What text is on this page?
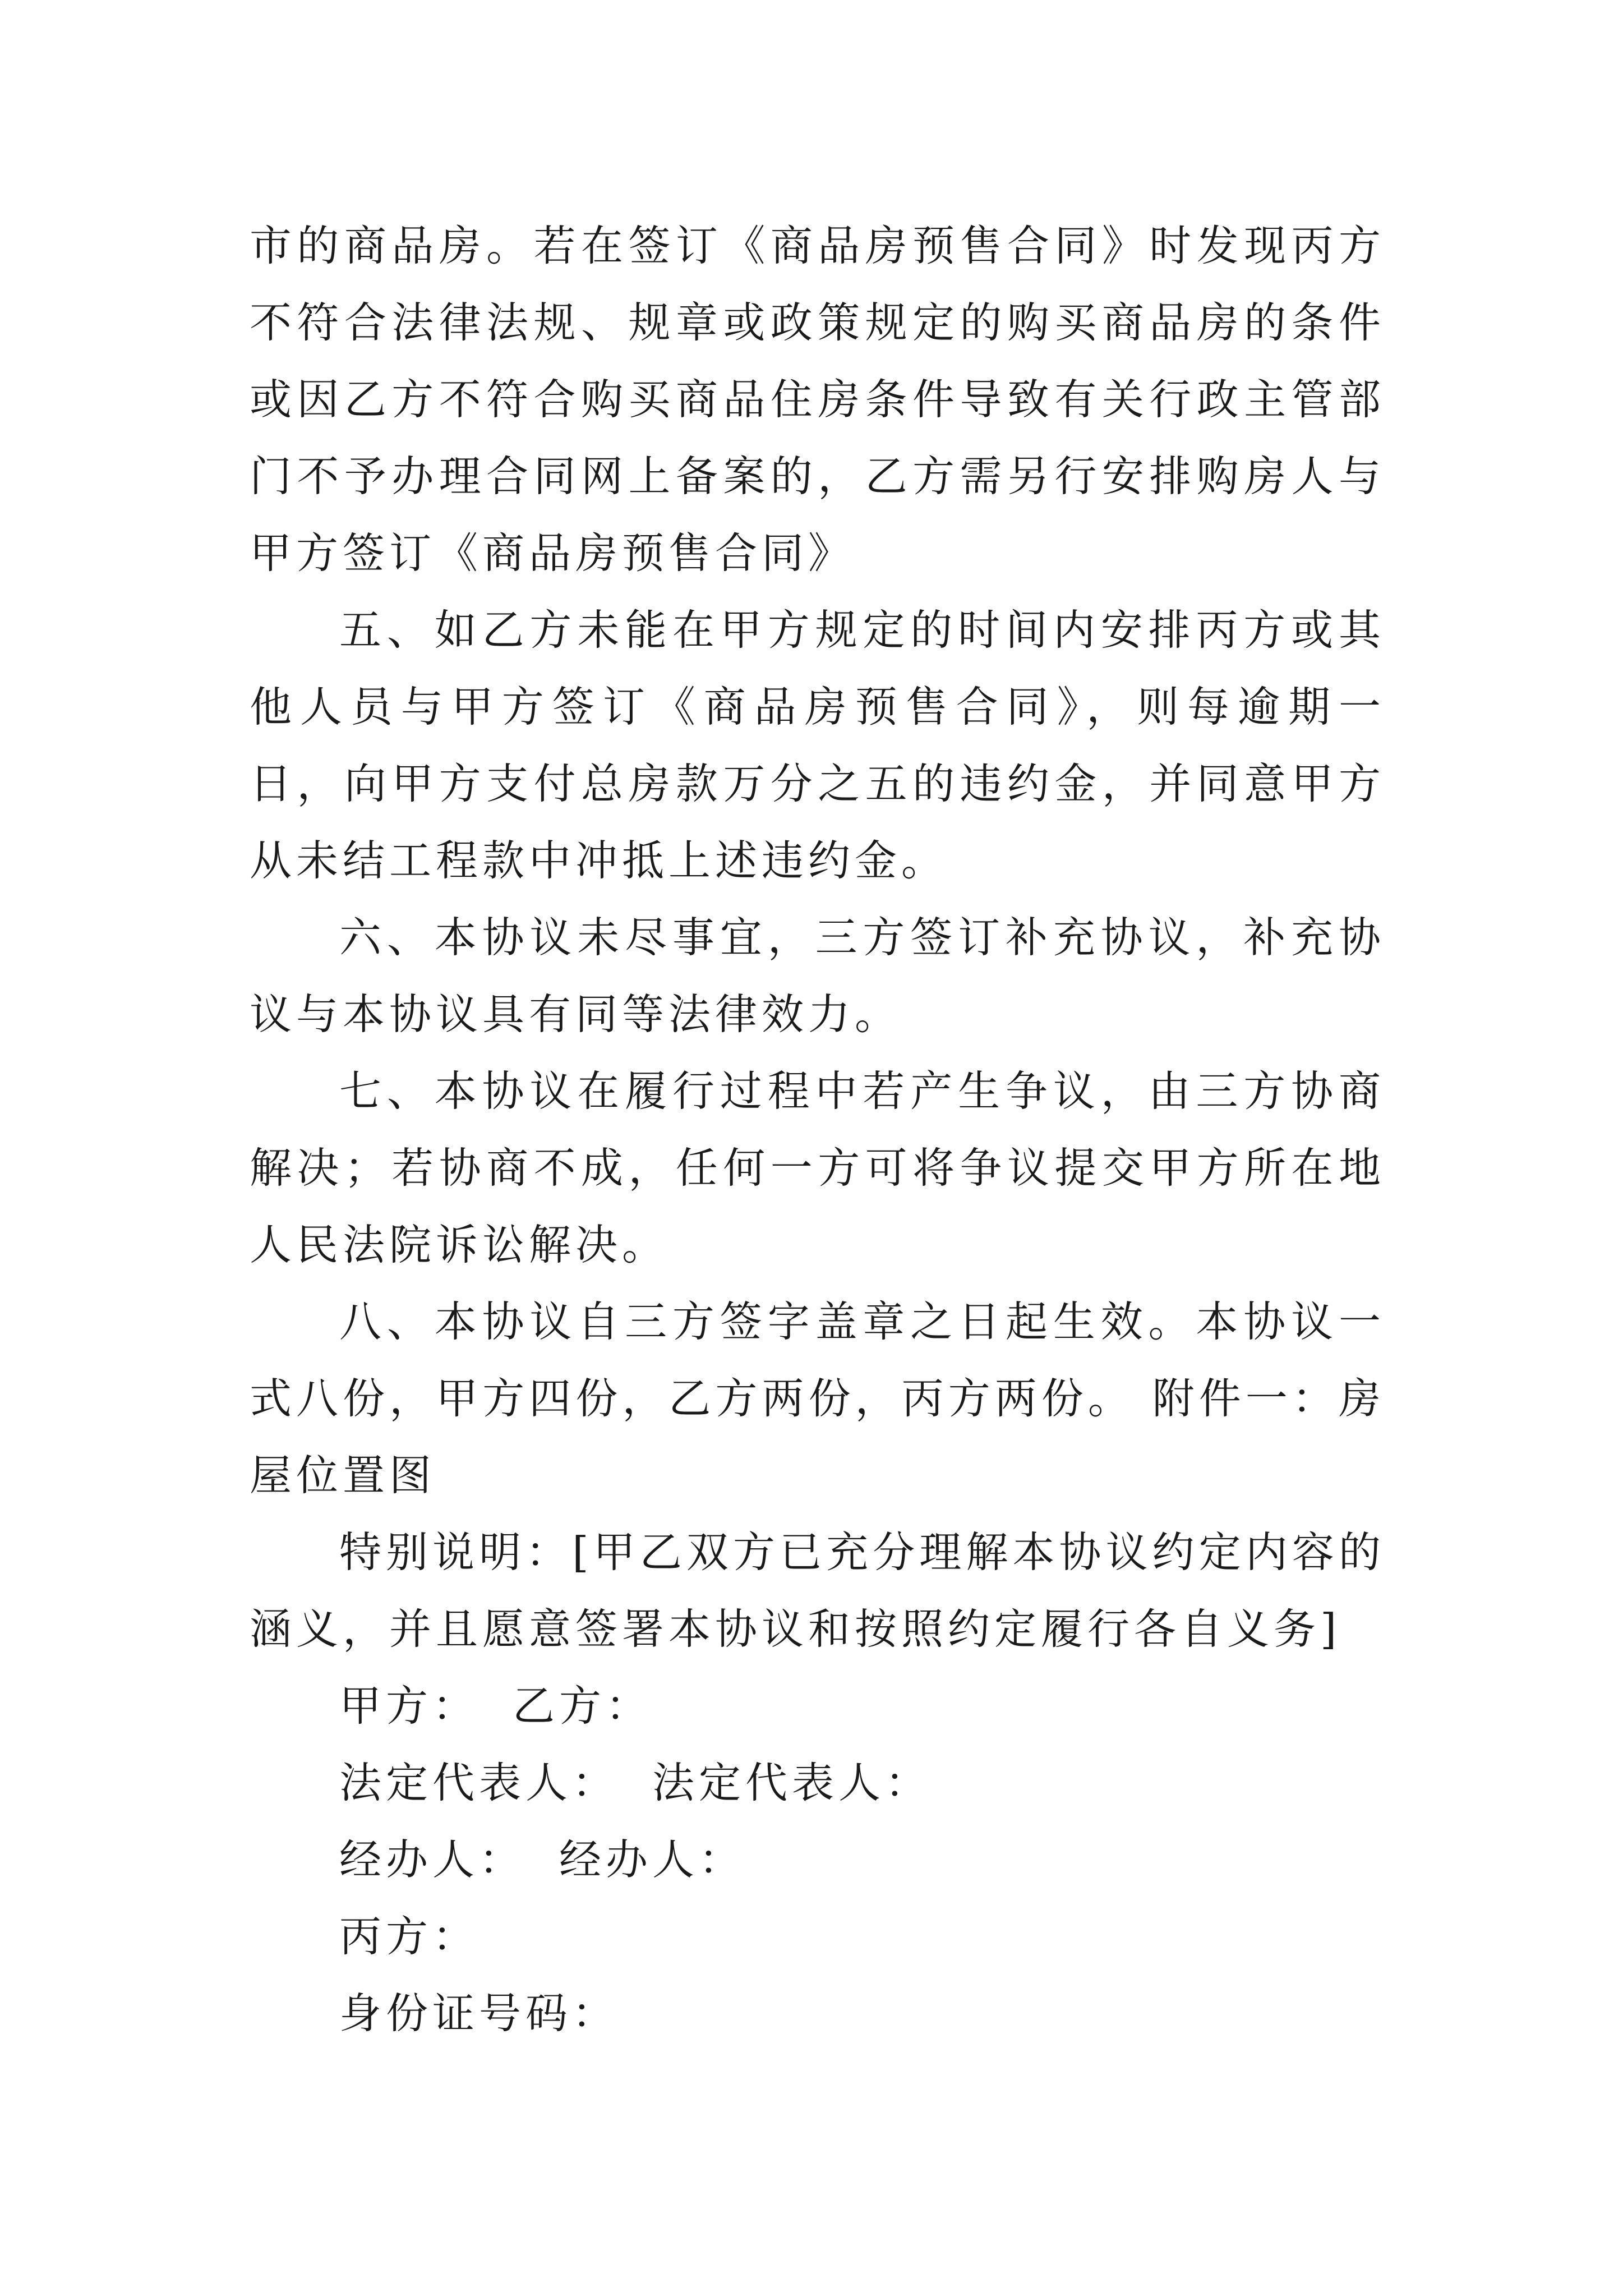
市的商品房。若在签订《商品房预售合同》时发现丙方不符合法律法规、规章或政策规定的购买商品房的条件或因乙方不符合购买商品住房条件导致有关行政主管部门不予办理合同网上备案的，乙方需另行安排购房人与甲方签订《商品房预售合同》

五、如乙方未能在甲方规定的时间内安排丙方或其他人员与甲方签订《商品房预售合同》，则每逾期一日，向甲方支付总房款万分之五的违约金，并同意甲方从未结工程款中冲抵上述违约金。

六、本协议未尽事宜，三方签订补充协议，补充协议与本协议具有同等法律效力。

七、本协议在履行过程中若产生争议，由三方协商解决；若协商不成，任何一方可将争议提交甲方所在地人民法院诉讼解决。

八、本协议自三方签字盖章之日起生效。本协议一式八份，甲方四份，乙方两份，丙方两份。 附件一：房屋位置图

特别说明：[甲乙双方已充分理解本协议约定内容的涵义，并且愿意签署本协议和按照约定履行各自义务]

甲方： 乙方：

法定代表人： 法定代表人：

经办人： 经办人：

丙方：

身份证号码：
